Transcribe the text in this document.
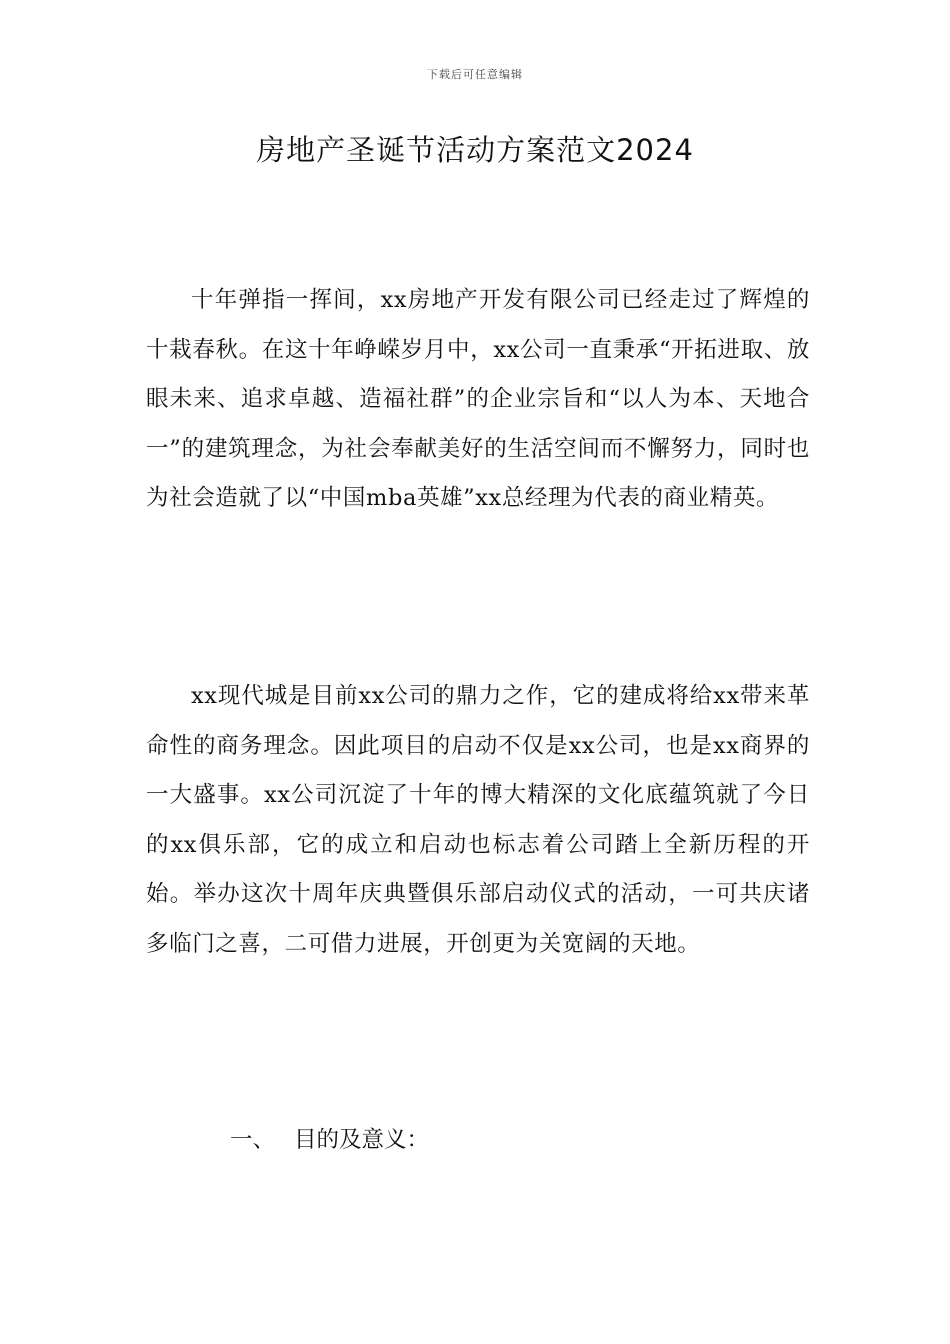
下载后可任意编辑
房地产圣诞节活动方案范文2024

十年弹指一挥间，xx房地产开发有限公司已经走过了辉煌的十栽春秋。在这十年峥嵘岁月中，xx公司一直秉承“开拓进取、放眼未来、追求卓越、造福社群”的企业宗旨和“以人为本、天地合一”的建筑理念，为社会奉献美好的生活空间而不懈努力，同时也为社会造就了以“中国mba英雄”xx总经理为代表的商业精英。

xx现代城是目前xx公司的鼎力之作，它的建成将给xx带来革命性的商务理念。因此项目的启动不仅是xx公司，也是xx商界的一大盛事。xx公司沉淀了十年的博大精深的文化底蕴筑就了今日的xx俱乐部，它的成立和启动也标志着公司踏上全新历程的开始。举办这次十周年庆典暨俱乐部启动仪式的活动，一可共庆诸多临门之喜，二可借力进展，开创更为关宽阔的天地。

一、 目的及意义：
